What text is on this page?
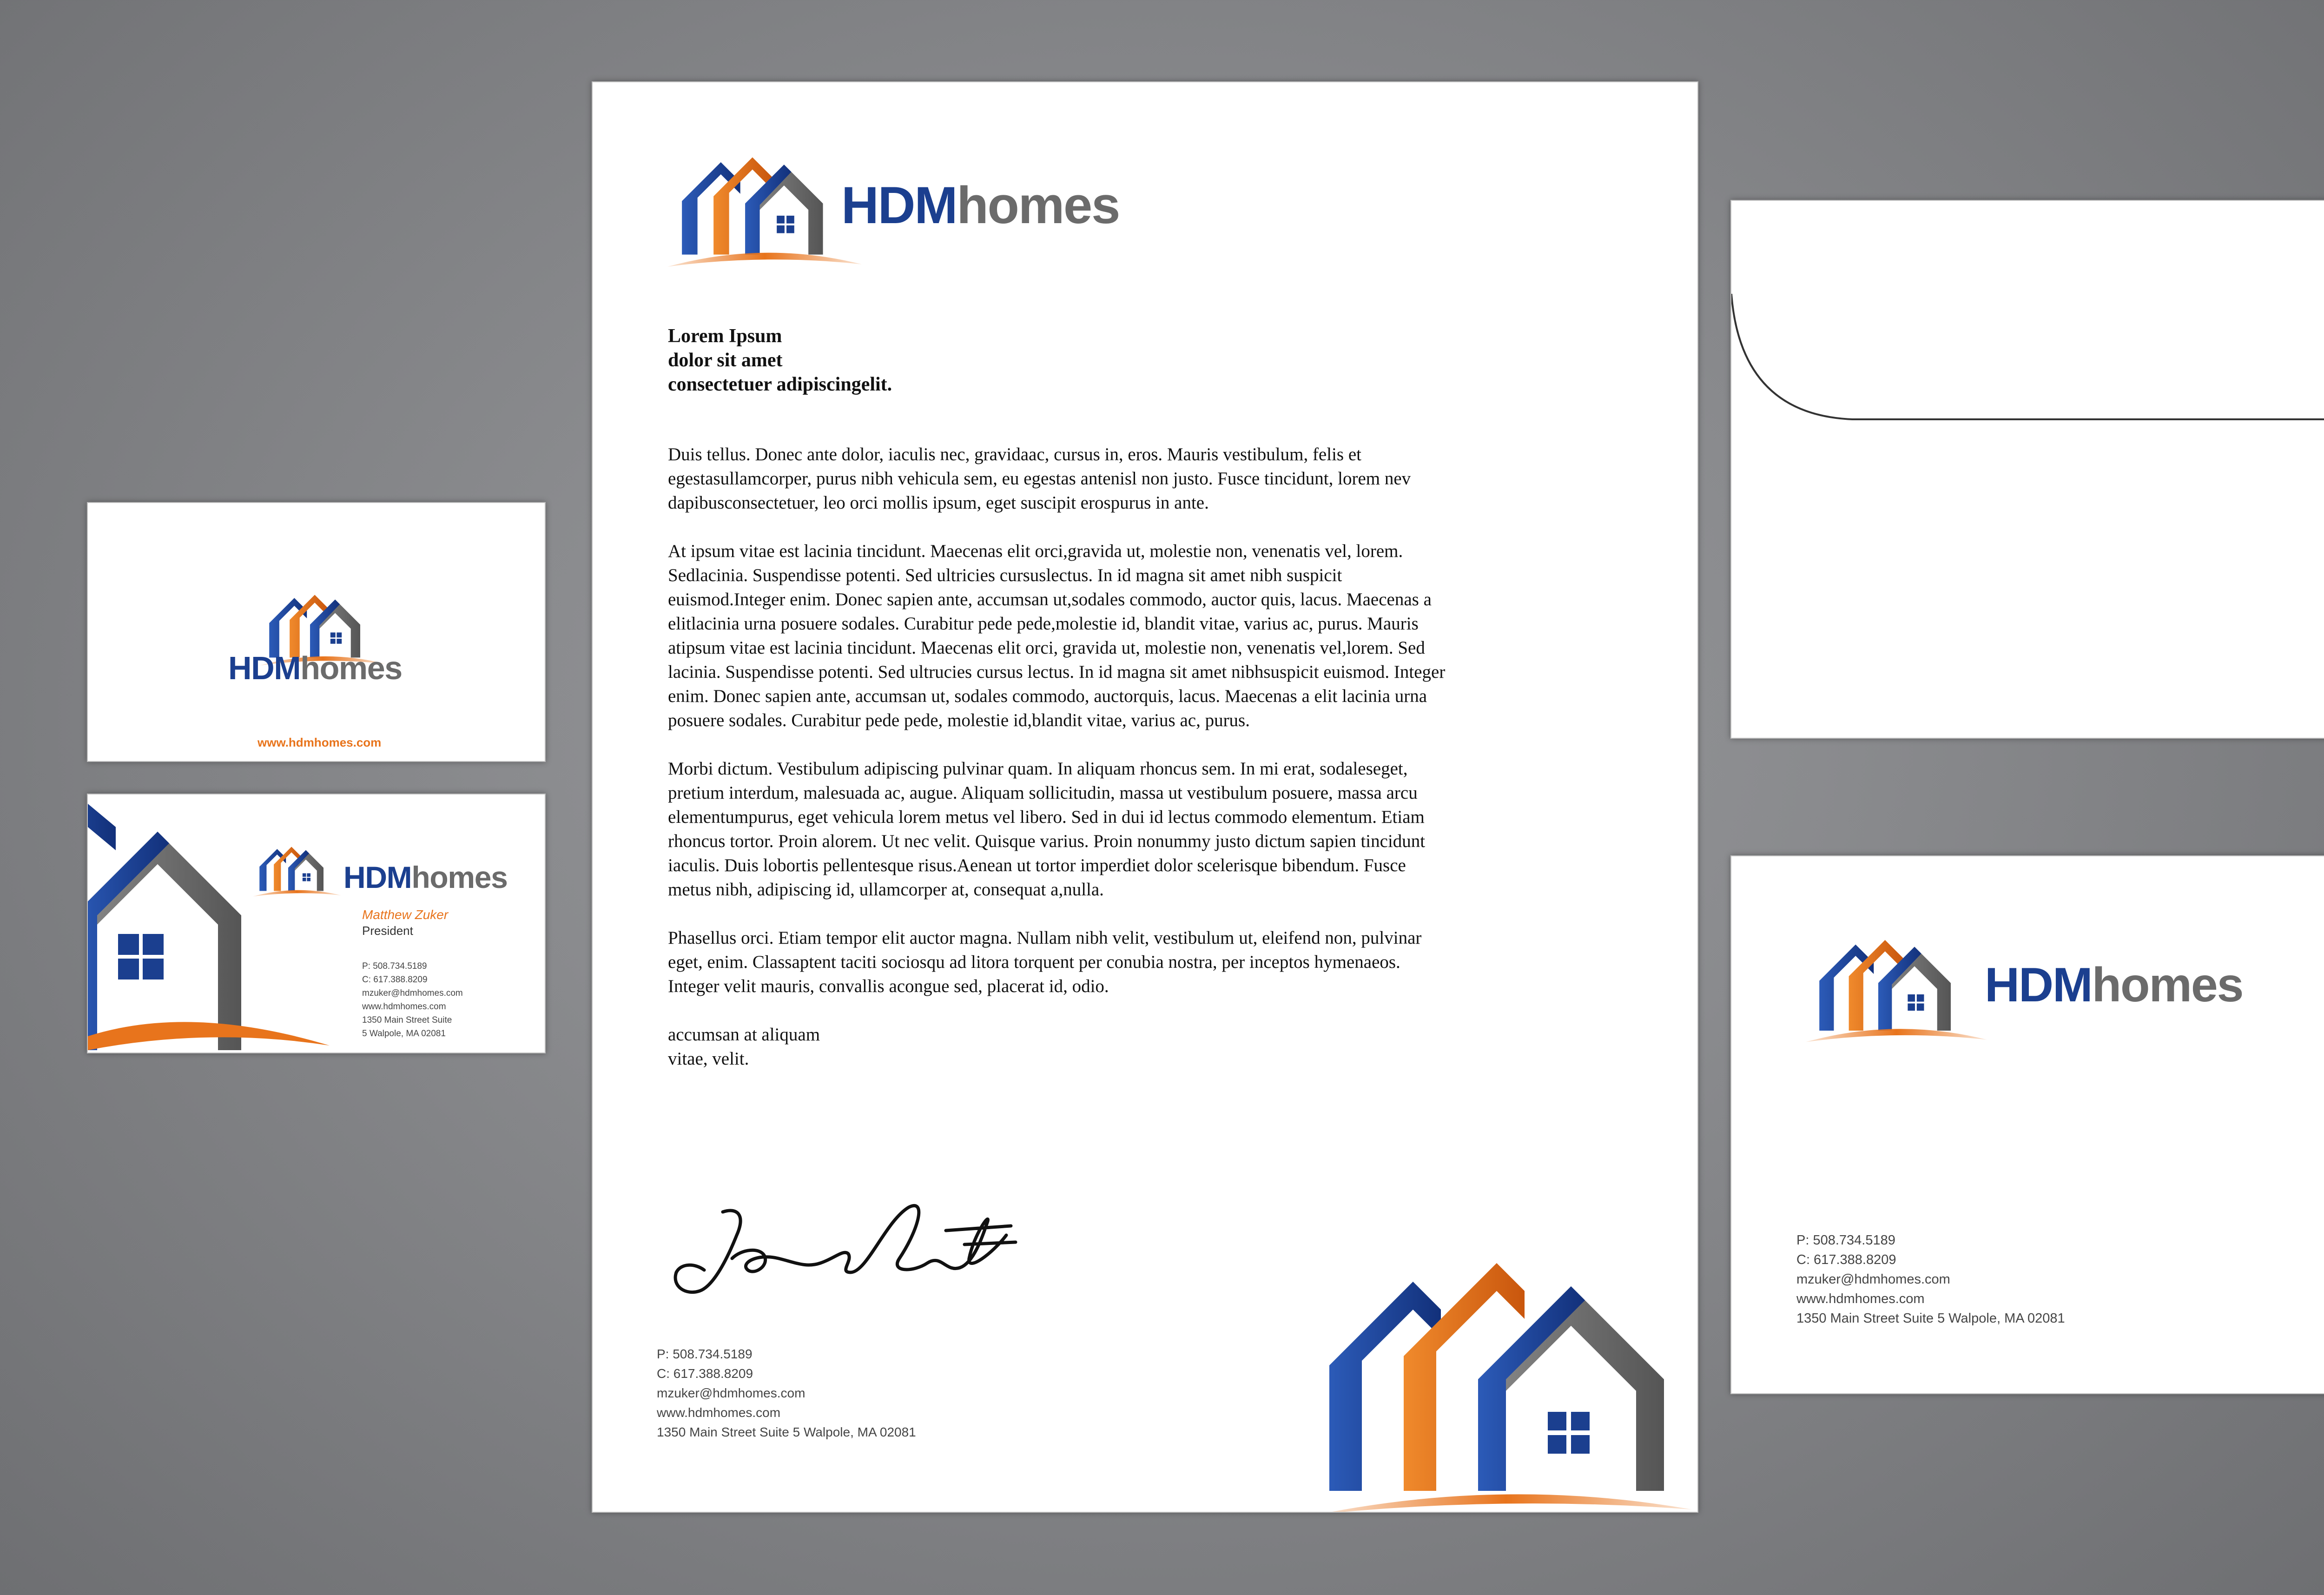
HDMhomes
www.hdmhomes.com
HDMhomes
Matthew Zuker
President
P: 508.734.5189
C: 617.388.8209
mzuker@hdmhomes.com
www.hdmhomes.com
1350 Main Street Suite
5 Walpole, MA 02081
HDMhomes
Lorem Ipsum
dolor sit amet
consectetuer adipiscingelit.

Duis tellus. Donec ante dolor, iaculis nec, gravidaac, cursus in, eros. Mauris vestibulum, felis et egestasullamcorper, purus nibh vehicula sem, eu egestas antenisl non justo. Fusce tincidunt, lorem nev dapibusconsectetuer, leo orci mollis ipsum, eget suscipit erospurus in ante.

At ipsum vitae est lacinia tincidunt. Maecenas elit orci,gravida ut, molestie non, venenatis vel, lorem. Sedlacinia. Suspendisse potenti. Sed ultricies cursuslectus. In id magna sit amet nibh suspicit euismod.Integer enim. Donec sapien ante, accumsan ut,sodales commodo, auctor quis, lacus. Maecenas a elitlacinia urna posuere sodales. Curabitur pede pede,molestie id, blandit vitae, varius ac, purus. Mauris atipsum vitae est lacinia tincidunt. Maecenas elit orci, gravida ut, molestie non, venenatis vel,lorem. Sed lacinia. Suspendisse potenti. Sed ultrucies cursus lectus. In id magna sit amet nibhsuspicit euismod. Integer enim. Donec sapien ante, accumsan ut, sodales commodo, auctorquis, lacus. Maecenas a elit lacinia urna posuere sodales. Curabitur pede pede, molestie id,blandit vitae, varius ac, purus.

Morbi dictum. Vestibulum adipiscing pulvinar quam. In aliquam rhoncus sem. In mi erat, sodaleseget, pretium interdum, malesuada ac, augue. Aliquam sollicitudin, massa ut vestibulum posuere, massa arcu elementumpurus, eget vehicula lorem metus vel libero. Sed in dui id lectus commodo elementum. Etiam rhoncus tortor. Proin alorem. Ut nec velit. Quisque varius. Proin nonummy justo dictum sapien tincidunt iaculis. Duis lobortis pellentesque risus.Aenean ut tortor imperdiet dolor scelerisque bibendum. Fusce metus nibh, adipiscing id, ullamcorper at, consequat a,nulla.

Phasellus orci. Etiam tempor elit auctor magna. Nullam nibh velit, vestibulum ut, eleifend non, pulvinar eget, enim. Classaptent taciti sociosqu ad litora torquent per conubia nostra, per inceptos hymenaeos. Integer velit mauris, convallis acongue sed, placerat id, odio.

accumsan at aliquam
vitae, velit.
P: 508.734.5189
C: 617.388.8209
mzuker@hdmhomes.com
www.hdmhomes.com
1350 Main Street Suite 5 Walpole, MA 02081
HDMhomes
P: 508.734.5189
C: 617.388.8209
mzuker@hdmhomes.com
www.hdmhomes.com
1350 Main Street Suite 5 Walpole, MA 02081
